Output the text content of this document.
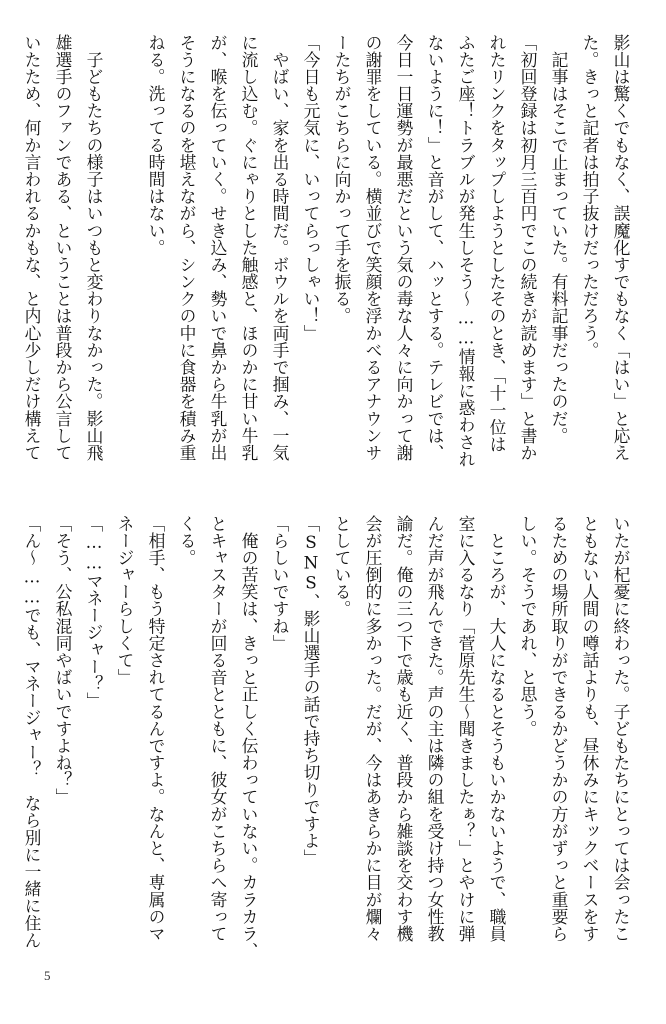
影山は驚くでもなく、誤魔化すでもなく「はい」と応え
た。きっと記者は拍子抜けだっただろう。
　記事はそこで止まっていた。有料記事だったのだ。
「初回登録は初月三百円でこの続きが読めます」と書か
れたリンクをタップしようとしたそのとき、「十一位は
ふたご座！トラブルが発生しそう〜……情報に惑わされ
ないように！」と音がして、ハッとする。テレビでは、
今日一日運勢が最悪だという気の毒な人々に向かって謝
の謝罪をしている。横並びで笑顔を浮かべるアナウンサ
ーたちがこちらに向かって手を振る。
「今日も元気に、いってらっしゃい！」
　やばい、家を出る時間だ。ボウルを両手で掴み、一気
に流し込む。ぐにゃりとした触感と、ほのかに甘い牛乳
が、喉を伝っていく。せき込み、勢いで鼻から牛乳が出
そうになるのを堪えながら、シンクの中に食器を積み重
ねる。洗ってる時間はない。

　子どもたちの様子はいつもと変わりなかった。影山飛
雄選手のファンである、ということは普段から公言して
いたため、何か言われるかもな、と内心少しだけ構えて
いたが杞憂に終わった。子どもたちにとっては会ったこ
ともない人間の噂話よりも、昼休みにキックベースをす
るための場所取りができるかどうかの方がずっと重要ら
しい。そうであれ、と思う。
　ところが、大人になるとそうもいかないようで、職員
室に入るなり「菅原先生〜聞きましたぁ？」とやけに弾
んだ声が飛んできた。声の主は隣の組を受け持つ女性教
諭だ。俺の三つ下で歳も近く、普段から雑談を交わす機
会が圧倒的に多かった。だが、今はあきらかに目が爛々
としている。
「SNS、影山選手の話で持ち切りですよ」
「らしいですね」
　俺の苦笑は、きっと正しく伝わっていない。カラカラ、
とキャスターが回る音とともに、彼女がこちらへ寄って
くる。
「相手、もう特定されてるんですよ。なんと、専属のマ
ネージャーらしくて」
「……マネージャー？」
「そう、公私混同やばいですよね？」
「ん〜……でも、マネージャー？　なら別に一緒に住ん
5
